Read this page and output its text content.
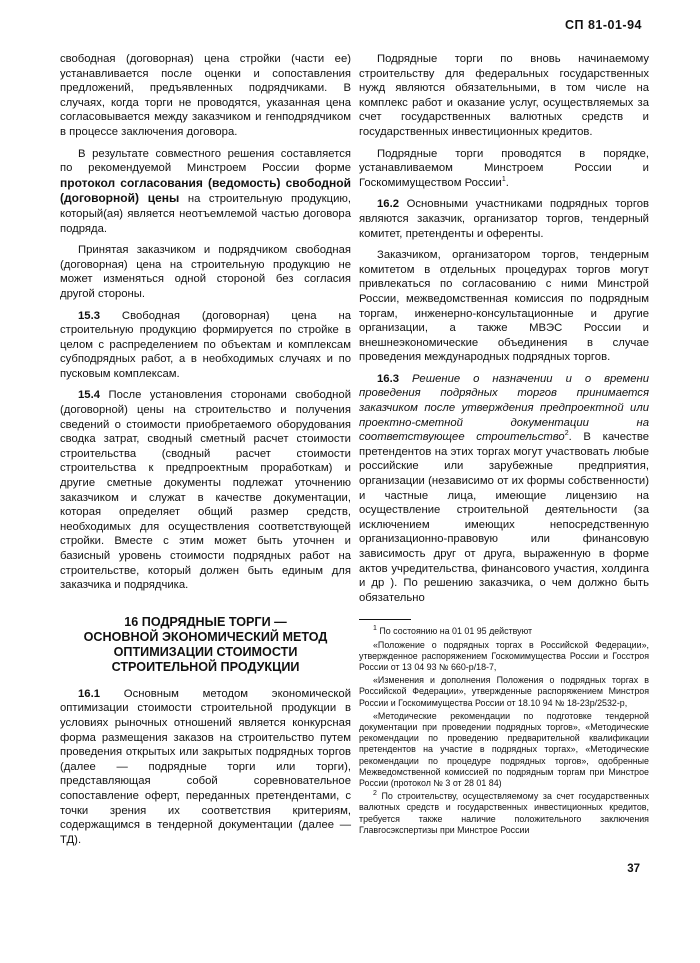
СП 81-01-94

свободная (договорная) цена стройки (части ее) устанавливается после оценки и сопоставления предложений, предъявленных подрядчиками. В случаях, когда торги не проводятся, указанная цена согласовывается между заказчиком и генподрядчиком в процессе заключения договора.

В результате совместного решения составляется по рекомендуемой Минстроем России форме протокол согласования (ведомость) свободной (договорной) цены на строительную продукцию, который(ая) является неотъемлемой частью договора подряда.

Принятая заказчиком и подрядчиком свободная (договорная) цена на строительную продукцию не может изменяться одной стороной без согласия другой стороны.

15.3 Свободная (договорная) цена на строительную продукцию формируется по стройке в целом с распределением по объектам и комплексам субподрядных работ, а в необходимых случаях и по пусковым комплексам.

15.4 После установления сторонами свободной (договорной) цены на строительство и получения сведений о стоимости приобретаемого оборудования сводка затрат, сводный сметный расчет стоимости строительства (сводный расчет стоимости строительства к предпроектным проработкам) и другие сметные документы подлежат уточнению заказчиком и служат в качестве документации, которая определяет общий размер средств, необходимых для осуществления соответствующей стройки. Вместе с этим может быть уточнен и базисный уровень стоимости подрядных работ на строительстве, который должен быть единым для заказчика и подрядчика.

16 ПОДРЯДНЫЕ ТОРГИ —
ОСНОВНОЙ ЭКОНОМИЧЕСКИЙ МЕТОД
ОПТИМИЗАЦИИ СТОИМОСТИ
СТРОИТЕЛЬНОЙ ПРОДУКЦИИ

16.1 Основным методом экономической оптимизации стоимости строительной продукции в условиях рыночных отношений является конкурсная форма размещения заказов на строительство путем проведения открытых или закрытых подрядных торгов (далее — подрядные торги или торги), представляющая собой соревновательное сопоставление оферт, переданных претендентами, с точки зрения их соответствия критериям, содержащимся в тендерной документации (далее — ТД).

Подрядные торги по вновь начинаемому строительству для федеральных государственных нужд являются обязательными, в том числе на комплекс работ и оказание услуг, осуществляемых за счет государственных валютных средств и государственных инвестиционных кредитов.

Подрядные торги проводятся в порядке, устанавливаемом Минстроем России и Госкомимуществом России$^1$.

16.2 Основными участниками подрядных торгов являются заказчик, организатор торгов, тендерный комитет, претенденты и оференты.

Заказчиком, организатором торгов, тендерным комитетом в отдельных процедурах торгов могут привлекаться по согласованию с ними Минстрой России, межведомственная комиссия по подрядным торгам, инженерно-консультационные и другие организации, а также МВЭС России и внешнеэкономические объединения в случае проведения международных подрядных торгов.

16.3 Решение о назначении и о времени проведения подрядных торгов принимается заказчиком после утверждения предпроектной или проектно-сметной документации на соответствующее строительство$^2$. В качестве претендентов на этих торгах могут участвовать любые российские или зарубежные предприятия, организации (независимо от их формы собственности) и частные лица, имеющие лицензию на осуществление строительной деятельности (за исключением имеющих непосредственную организационно-правовую или финансовую зависимость друг от друга, выраженную в форме актов учредительства, финансового участия, холдинга и др ). По решению заказчика, о чем должно быть обязательно

$^1$ По состоянию на 01 01 95 действуют

«Положение о подрядных торгах в Российской Федерации», утвержденное распоряжением Госкомимущества России и Госстроя России от 13 04 93 № 660-р/18-7,

«Изменения и дополнения Положения о подрядных торгах в Российской Федерации», утвержденные распоряжением Минстроя России и Госкомимущества России от 18.10 94 № 18-23р/2532-р,

«Методические рекомендации по подготовке тендерной документации при проведении подрядных торгов», «Методические рекомендации по проведению предварительной квалификации претендентов на участие в подрядных торгах», «Методические рекомендации по процедуре подрядных торгов», одобренные Межведомственной комиссией по подрядным торгам при Минстрое России (протокол № 3 от 28 01 84)

$^2$ По строительству, осуществляемому за счет государственных валютных средств и государственных инвестиционных кредитов, требуется также наличие положительного заключения Главгосэкспертизы при Минстрое России

37
